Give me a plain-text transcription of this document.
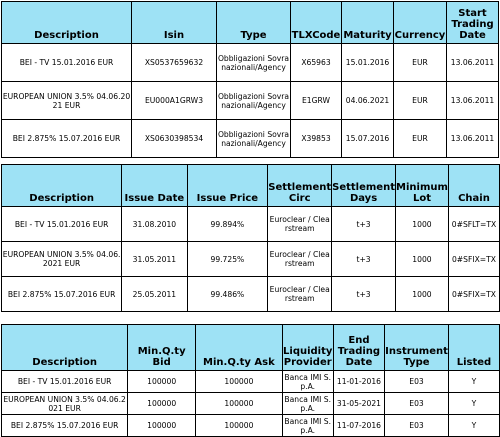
Description	Isin	Type	TLXCode	Maturity	Currency	Start Trading Date
BEI - TV 15.01.2016 EUR	XS0537659632	Obbligazioni Sovranazionali/Agency	X65963	15.01.2016	EUR	13.06.2011
EUROPEAN UNION 3.5% 04.06.2021 EUR	EU000A1GRW3	Obbligazioni Sovranazionali/Agency	E1GRW	04.06.2021	EUR	13.06.2011
BEI 2.875% 15.07.2016 EUR	XS0630398534	Obbligazioni Sovranazionali/Agency	X39853	15.07.2016	EUR	13.06.2011
Description	Issue Date	Issue Price	Settlement Circ	Settlement Days	Minimum Lot	Chain
BEI - TV 15.01.2016 EUR	31.08.2010	99.894%	Euroclear / Clearstream	t+3	1000	0#SFLT=TX
EUROPEAN UNION 3.5% 04.06.2021 EUR	31.05.2011	99.725%	Euroclear / Clearstream	t+3	1000	0#SFIX=TX
BEI 2.875% 15.07.2016 EUR	25.05.2011	99.486%	Euroclear / Clearstream	t+3	1000	0#SFIX=TX
Description	Min.Q.ty Bid	Min.Q.ty Ask	Liquidity Provider	End Trading Date	Instrument Type	Listed
BEI - TV 15.01.2016 EUR	100000	100000	Banca IMI S.p.A.	11-01-2016	E03	Y
EUROPEAN UNION 3.5% 04.06.2021 EUR	100000	100000	Banca IMI S.p.A.	31-05-2021	E03	Y
BEI 2.875% 15.07.2016 EUR	100000	100000	Banca IMI S.p.A.	11-07-2016	E03	Y
